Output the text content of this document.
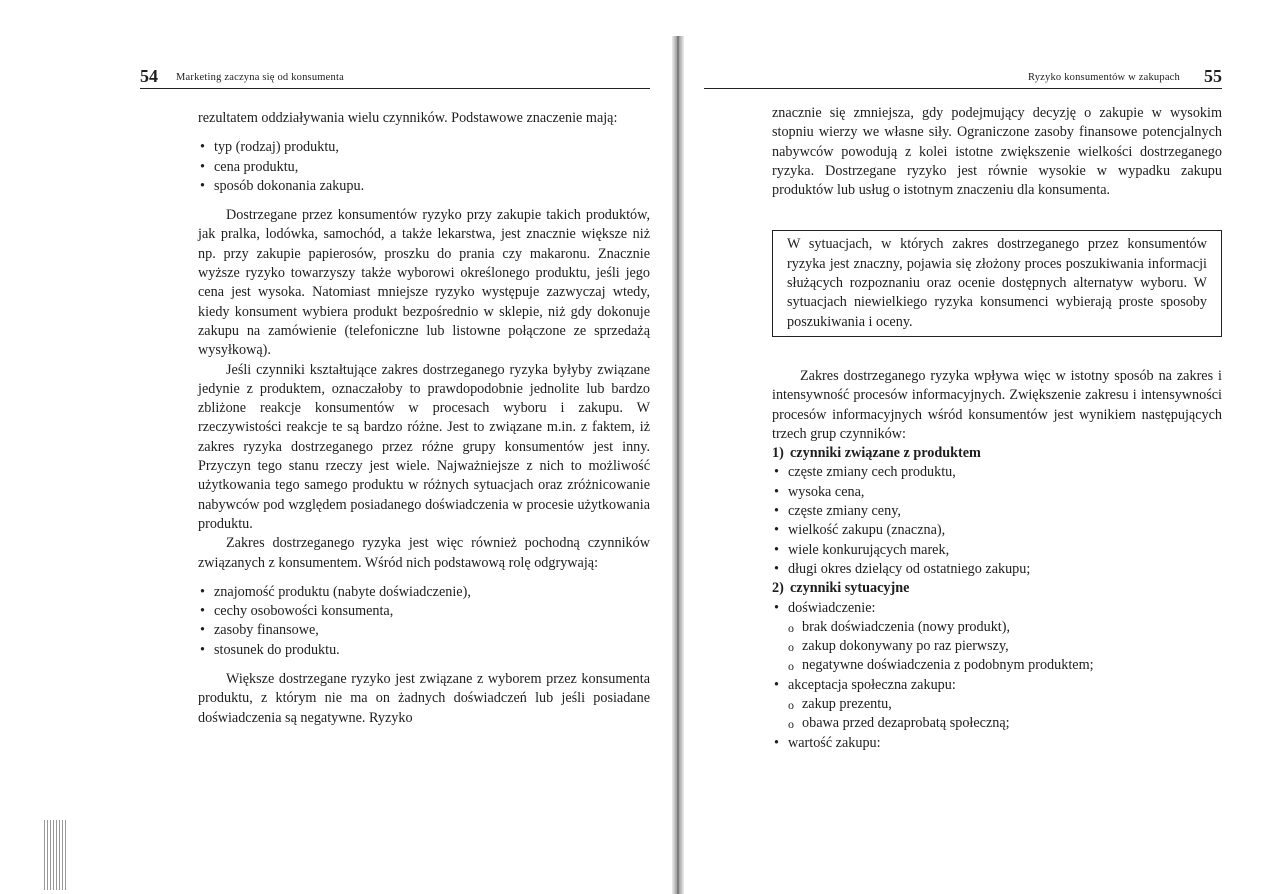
54 Marketing zaczyna się od konsumenta

rezultatem oddziaływania wielu czynników. Podstawowe znaczenie mają:

• typ (rodzaj) produktu,
• cena produktu,
• sposób dokonania zakupu.

Dostrzegane przez konsumentów ryzyko przy zakupie takich produktów, jak pralka, lodówka, samochód, a także lekarstwa, jest znacznie większe niż np. przy zakupie papierosów, proszku do prania czy makaronu. Znacznie wyższe ryzyko towarzyszy także wyborowi określonego produktu, jeśli jego cena jest wysoka. Natomiast mniejsze ryzyko występuje zazwyczaj wtedy, kiedy konsument wybiera produkt bezpośrednio w sklepie, niż gdy dokonuje zakupu na zamówienie (telefoniczne lub listowne połączone ze sprzedażą wysyłkową).

Jeśli czynniki kształtujące zakres dostrzeganego ryzyka byłyby związane jedynie z produktem, oznaczałoby to prawdopodobnie jednolite lub bardzo zbliżone reakcje konsumentów w procesach wyboru i zakupu. W rzeczywistości reakcje te są bardzo różne. Jest to związane m.in. z faktem, iż zakres ryzyka dostrzeganego przez różne grupy konsumentów jest inny. Przyczyn tego stanu rzeczy jest wiele. Najważniejsze z nich to możliwość użytkowania tego samego produktu w różnych sytuacjach oraz zróżnicowanie nabywców pod względem posiadanego doświadczenia w procesie użytkowania produktu.

Zakres dostrzeganego ryzyka jest więc również pochodną czynników związanych z konsumentem. Wśród nich podstawową rolę odgrywają:

• znajomość produktu (nabyte doświadczenie),
• cechy osobowości konsumenta,
• zasoby finansowe,
• stosunek do produktu.

Większe dostrzegane ryzyko jest związane z wyborem przez konsumenta produktu, z którym nie ma on żadnych doświadczeń lub jeśli posiadane doświadczenia są negatywne. Ryzyko

Ryzyko konsumentów w zakupach 55

znacznie się zmniejsza, gdy podejmujący decyzję o zakupie w wysokim stopniu wierzy we własne siły. Ograniczone zasoby finansowe potencjalnych nabywców powodują z kolei istotne zwiększenie wielkości dostrzeganego ryzyka. Dostrzegane ryzyko jest równie wysokie w wypadku zakupu produktów lub usług o istotnym znaczeniu dla konsumenta.

W sytuacjach, w których zakres dostrzeganego przez konsumentów ryzyka jest znaczny, pojawia się złożony proces poszukiwania informacji służących rozpoznaniu oraz ocenie dostępnych alternatyw wyboru. W sytuacjach niewielkiego ryzyka konsumenci wybierają proste sposoby poszukiwania i oceny.

Zakres dostrzeganego ryzyka wpływa więc w istotny sposób na zakres i intensywność procesów informacyjnych. Zwiększenie zakresu i intensywności procesów informacyjnych wśród konsumentów jest wynikiem następujących trzech grup czynników:

1) czynniki związane z produktem
• częste zmiany cech produktu,
• wysoka cena,
• częste zmiany ceny,
• wielkość zakupu (znaczna),
• wiele konkurujących marek,
• długi okres dzielący od ostatniego zakupu;
2) czynniki sytuacyjne
• doświadczenie:
o brak doświadczenia (nowy produkt),
o zakup dokonywany po raz pierwszy,
o negatywne doświadczenia z podobnym produktem;
• akceptacja społeczna zakupu:
o zakup prezentu,
o obawa przed dezaprobatą społeczną;
• wartość zakupu:
